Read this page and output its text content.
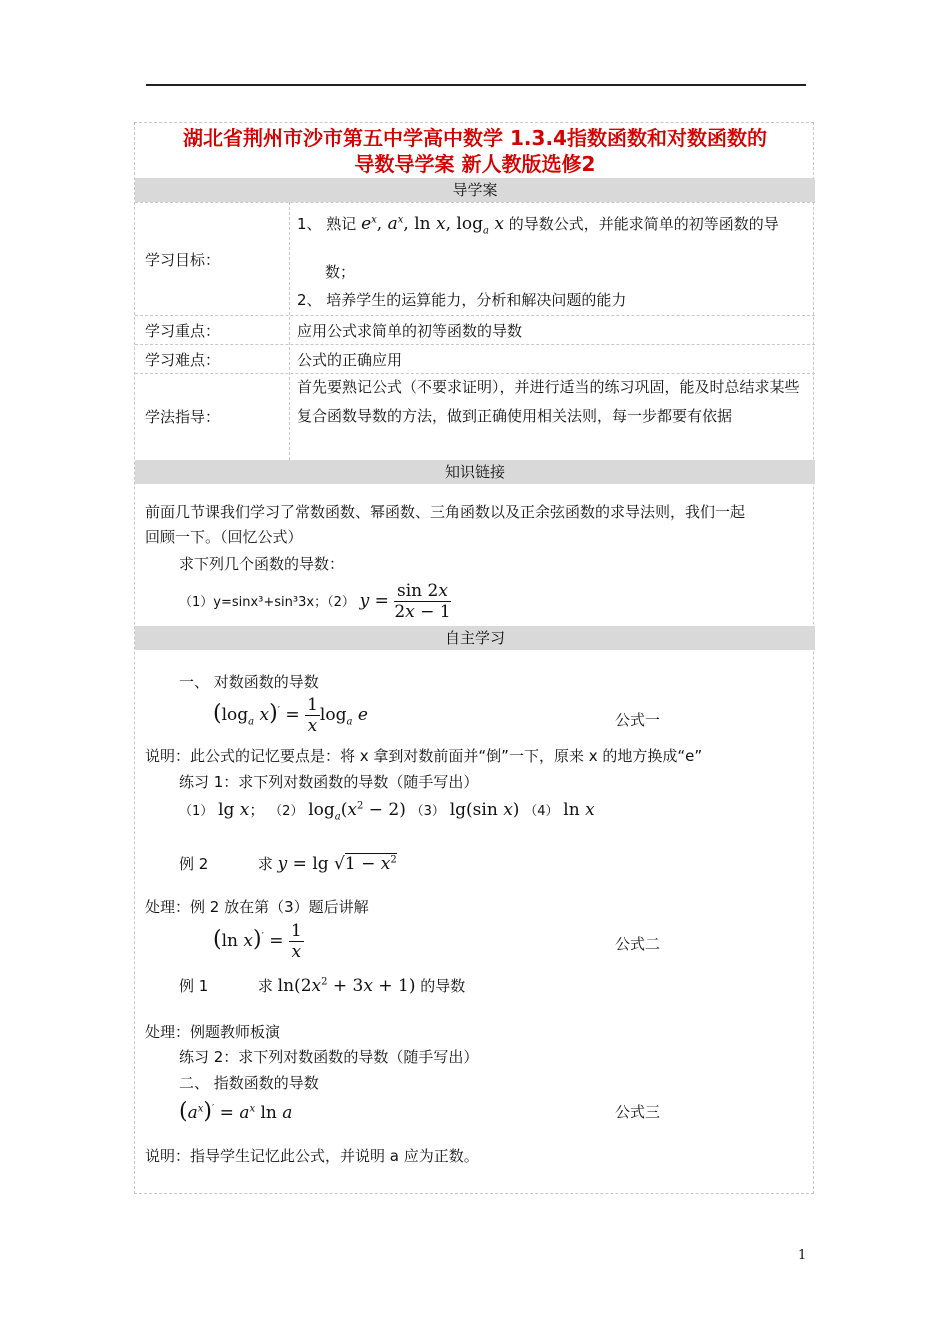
湖北省荆州市沙市第五中学高中数学 1.3.4指数函数和对数函数的
导数导学案 新人教版选修2
导学案
学习目标：
1、 熟记 $e^x$, $a^x$, ln x, $\log_a x$ 的导数公式，并能求简单的初等函数的导
数；
2、 培养学生的运算能力，分析和解决问题的能力
学习重点：	应用公式求简单的初等函数的导数
学习难点：	公式的正确应用
学法指导：
首先要熟记公式（不要求证明），并进行适当的练习巩固，能及时总结求某些复合函数导数的方法，做到正确使用相关法则，每一步都要有依据
知识链接
前面几节课我们学习了常数函数、幂函数、三角函数以及正余弦函数的求导法则，我们一起
回顾一下。（回忆公式）
求下列几个函数的导数：
（1）y=sinx³+sin³3x；（2） $y = \frac{\sin 2x}{2x - 1}$
自主学习
一、 对数函数的导数
($\log_a$ $x)' = \frac{1}{x} \log_a e$	公式一
说明：此公式的记忆要点是：将 x 拿到对数前面并“倒”一下，原来 x 的地方换成“e”
练习 1：求下列对数函数的导数（随手写出）
（1） lg x； （2） $\log_a(x^2 - 2)$ （3） lg(sin x) （4） ln x
例 2	求 $y = \lg √1 - x^2$
处理：例 2 放在第（3）题后讲解
(ln $x)' = \frac{1}{x}$	公式二
例 1	求 $\ln(2x^2 + 3x + 1)$ 的导数
处理：例题教师板演
练习 2：求下列对数函数的导数（随手写出）
二、 指数函数的导数
$(a^x)' = a^x$ ln a	公式三
说明：指导学生记忆此公式，并说明 a 应为正数。
1
